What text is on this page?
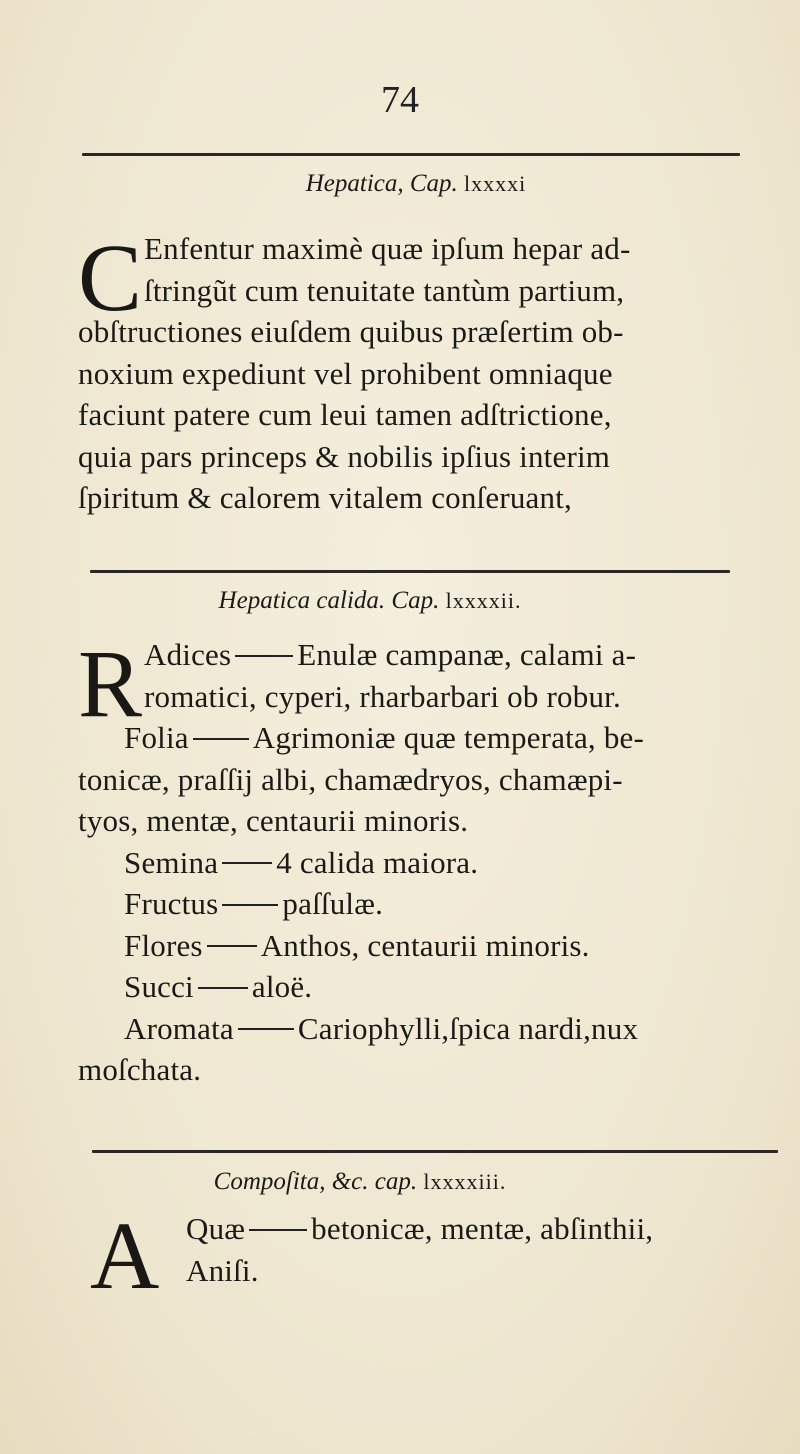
74
Hepatica, Cap. lxxxxi
C Enfentur maximè quæ ipſum hepar ad-
ſtringũt cum tenuitate tantùm partium,
obſtructiones eiuſdem quibus præſertim ob-
noxium expediunt vel prohibent omniaque
faciunt patere cum leui tamen adſtrictione,
quia pars princeps & nobilis ipſius interim
ſpiritum & calorem vitalem conſeruant,
Hepatica calida. Cap. lxxxxii.
R Adices Enulæ campanæ, calami a-
romatici, cyperi, rharbarbari ob robur.
Folia Agrimoniæ quæ temperata, be-
tonicæ, praſſij albi, chamædryos, chamæpi-
tyos, mentæ, centaurii minoris.
Semina 4 calida maiora.
Fructus paſſulæ.
Flores Anthos, centaurii minoris.
Succi aloë.
Aromata Cariophylli,ſpica nardi,nux
moſchata.
Compoſita, &c. cap. lxxxxiii.
A Quæ betonicæ, mentæ, abſinthii,
Aniſi.
